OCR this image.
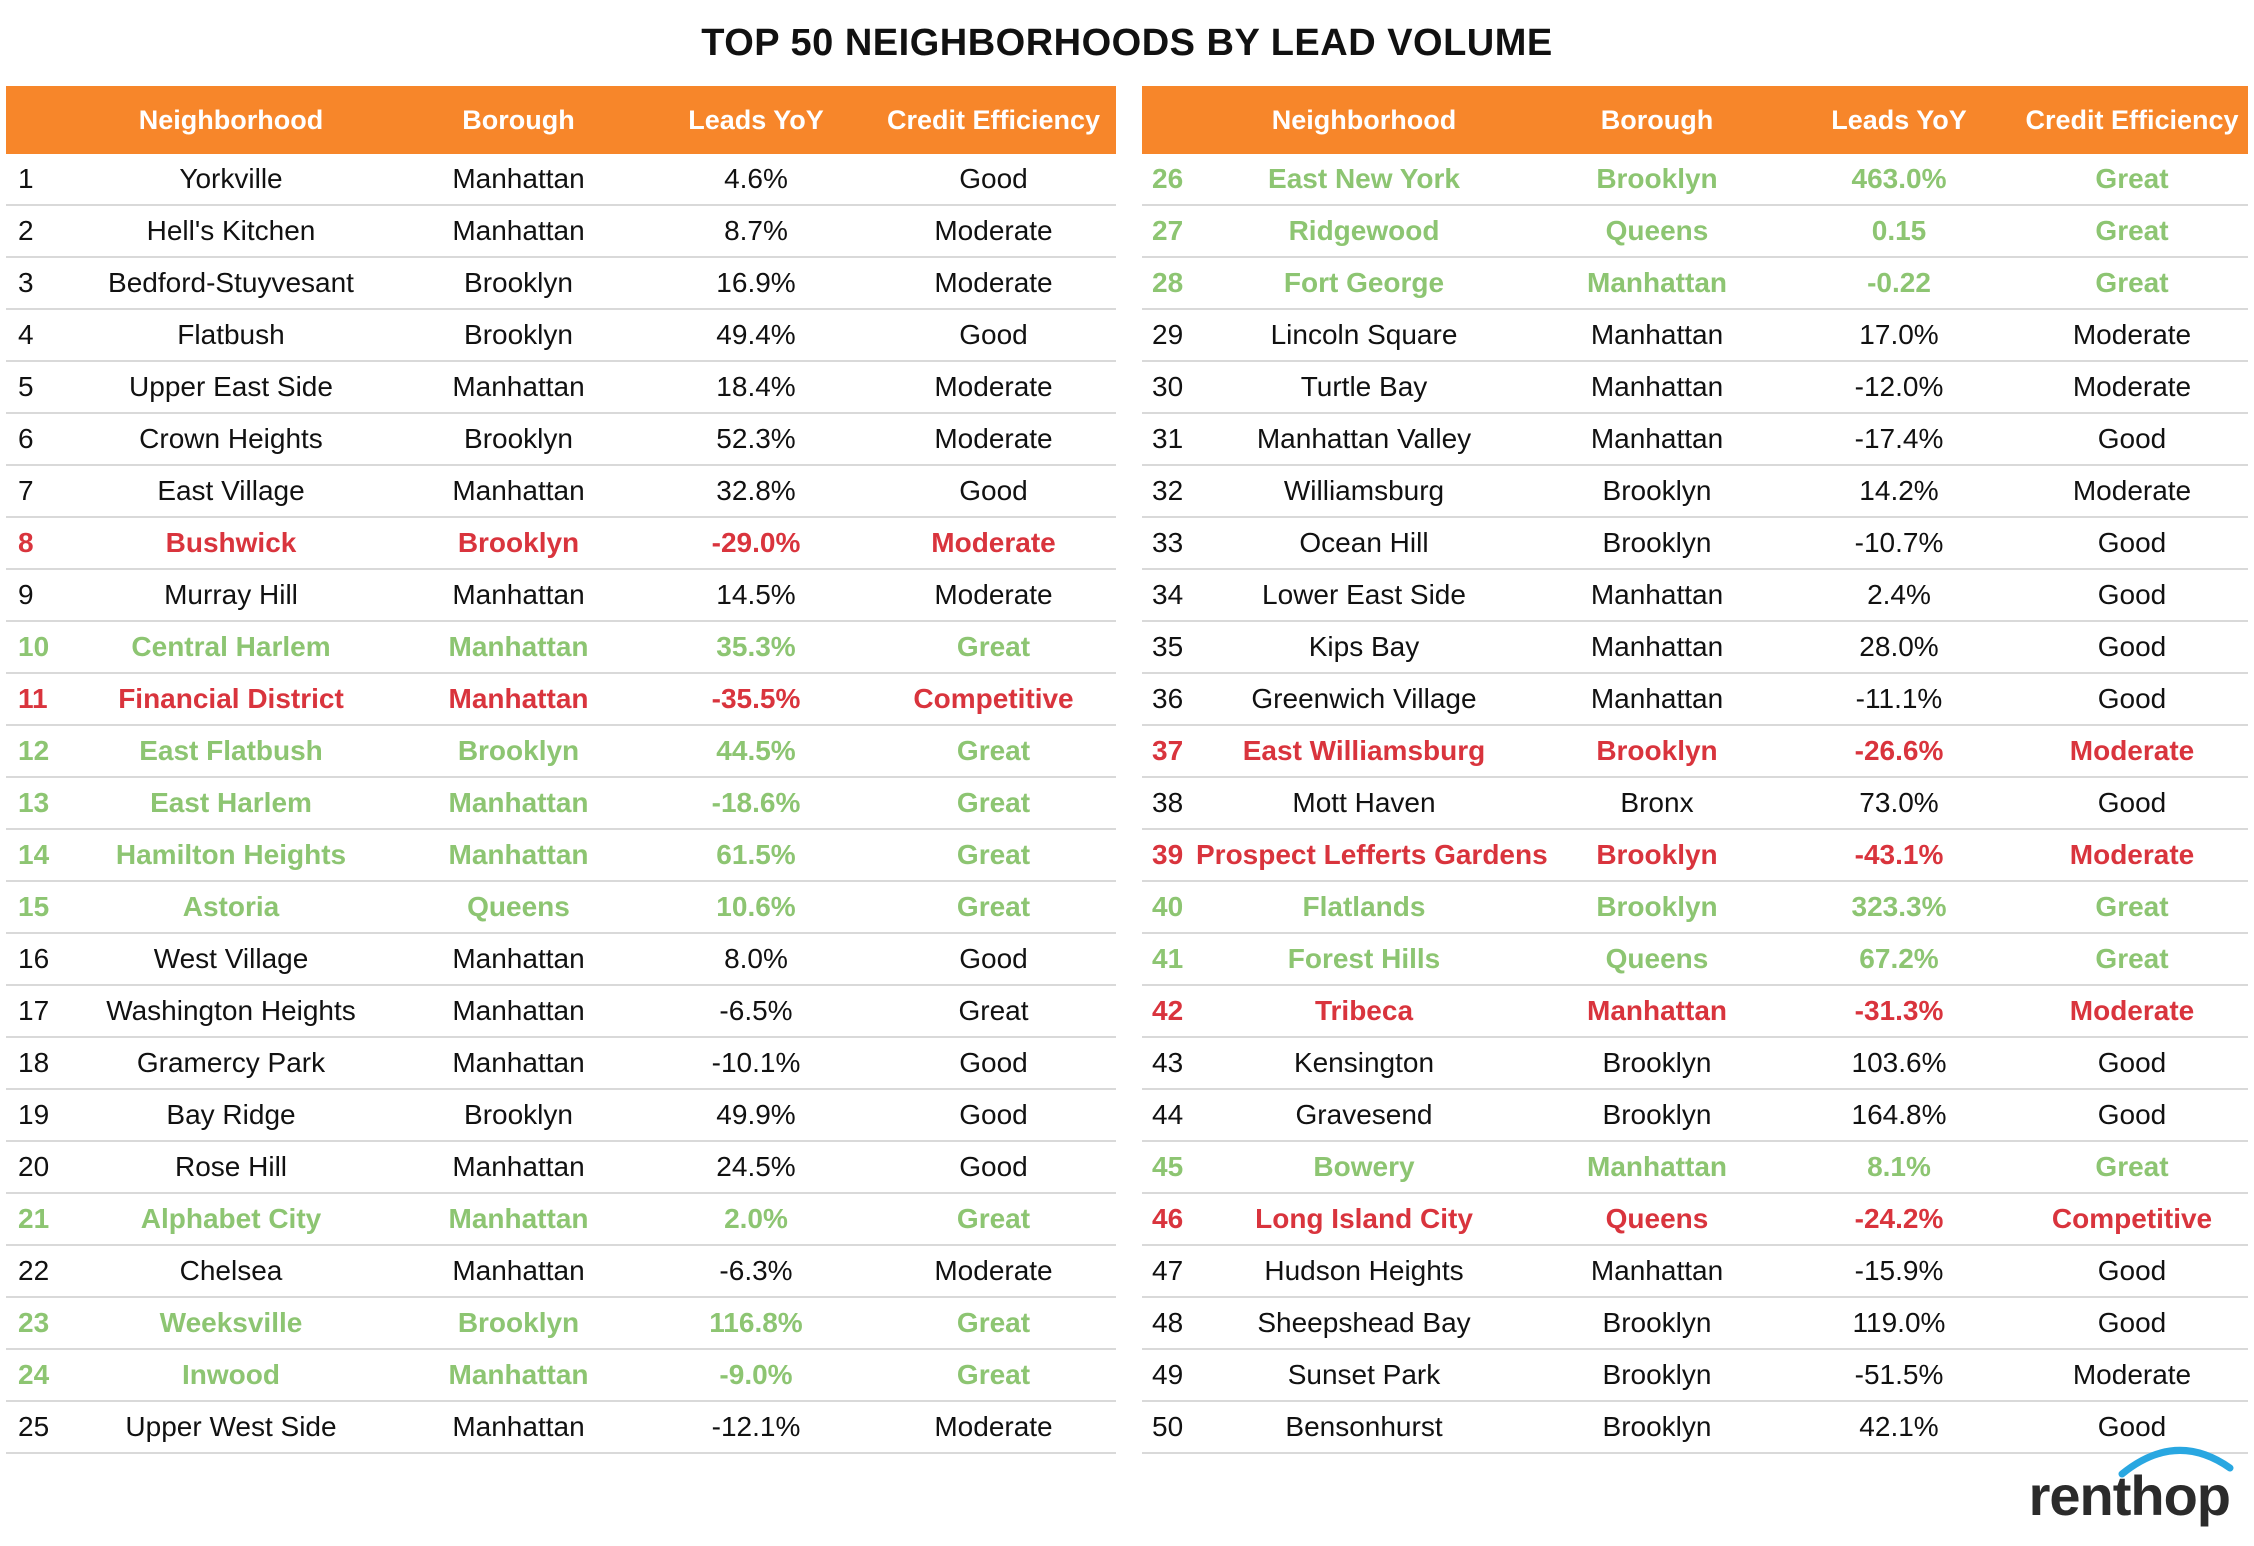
TOP 50 NEIGHBORHOODS BY LEAD VOLUME
Neighborhood	Borough	Leads YoY	Credit Efficiency
1	Yorkville	Manhattan	4.6%	Good
2	Hell's Kitchen	Manhattan	8.7%	Moderate
3	Bedford-Stuyvesant	Brooklyn	16.9%	Moderate
4	Flatbush	Brooklyn	49.4%	Good
5	Upper East Side	Manhattan	18.4%	Moderate
6	Crown Heights	Brooklyn	52.3%	Moderate
7	East Village	Manhattan	32.8%	Good
8	Bushwick	Brooklyn	-29.0%	Moderate
9	Murray Hill	Manhattan	14.5%	Moderate
10	Central Harlem	Manhattan	35.3%	Great
11	Financial District	Manhattan	-35.5%	Competitive
12	East Flatbush	Brooklyn	44.5%	Great
13	East Harlem	Manhattan	-18.6%	Great
14	Hamilton Heights	Manhattan	61.5%	Great
15	Astoria	Queens	10.6%	Great
16	West Village	Manhattan	8.0%	Good
17	Washington Heights	Manhattan	-6.5%	Great
18	Gramercy Park	Manhattan	-10.1%	Good
19	Bay Ridge	Brooklyn	49.9%	Good
20	Rose Hill	Manhattan	24.5%	Good
21	Alphabet City	Manhattan	2.0%	Great
22	Chelsea	Manhattan	-6.3%	Moderate
23	Weeksville	Brooklyn	116.8%	Great
24	Inwood	Manhattan	-9.0%	Great
25	Upper West Side	Manhattan	-12.1%	Moderate
Neighborhood	Borough	Leads YoY	Credit Efficiency
26	East New York	Brooklyn	463.0%	Great
27	Ridgewood	Queens	0.15	Great
28	Fort George	Manhattan	-0.22	Great
29	Lincoln Square	Manhattan	17.0%	Moderate
30	Turtle Bay	Manhattan	-12.0%	Moderate
31	Manhattan Valley	Manhattan	-17.4%	Good
32	Williamsburg	Brooklyn	14.2%	Moderate
33	Ocean Hill	Brooklyn	-10.7%	Good
34	Lower East Side	Manhattan	2.4%	Good
35	Kips Bay	Manhattan	28.0%	Good
36	Greenwich Village	Manhattan	-11.1%	Good
37	East Williamsburg	Brooklyn	-26.6%	Moderate
38	Mott Haven	Bronx	73.0%	Good
39 Prospect Lefferts Gardens	Brooklyn	-43.1%	Moderate
40	Flatlands	Brooklyn	323.3%	Great
41	Forest Hills	Queens	67.2%	Great
42	Tribeca	Manhattan	-31.3%	Moderate
43	Kensington	Brooklyn	103.6%	Good
44	Gravesend	Brooklyn	164.8%	Good
45	Bowery	Manhattan	8.1%	Great
46	Long Island City	Queens	-24.2%	Competitive
47	Hudson Heights	Manhattan	-15.9%	Good
48	Sheepshead Bay	Brooklyn	119.0%	Good
49	Sunset Park	Brooklyn	-51.5%	Moderate
50	Bensonhurst	Brooklyn	42.1%	Good
renthop
